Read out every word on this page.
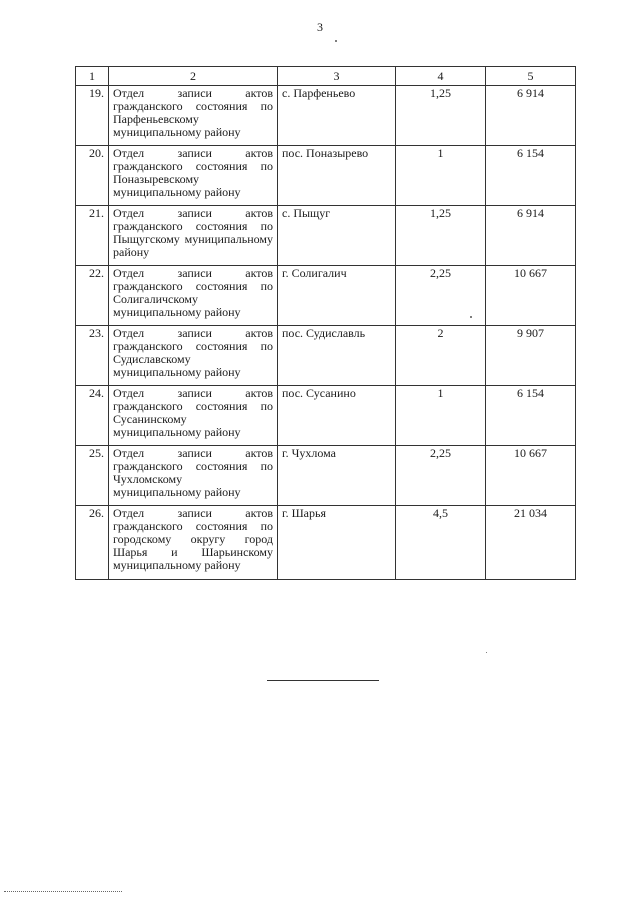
3
1	2	3	4	5
19.	Отдел записи актов гражданского состояния по Парфеньевскому муниципальному району	с. Парфеньево	1,25	6 914
20.	Отдел записи актов гражданского состояния по Поназыревскому муниципальному району	пос. Поназырево	1	6 154
21.	Отдел записи актов гражданского состояния по Пыщугскому муниципальному району	с. Пыщуг	1,25	6 914
22.	Отдел записи актов гражданского состояния по Солигаличскому муниципальному району	г. Солигалич	2,25	10 667
23.	Отдел записи актов гражданского состояния по Судиславскому муниципальному району	пос. Судиславль	2	9 907
24.	Отдел записи актов гражданского состояния по Сусанинскому муниципальному району	пос. Сусанино	1	6 154
25.	Отдел записи актов гражданского состояния по Чухломскому муниципальному району	г. Чухлома	2,25	10 667
26.	Отдел записи актов гражданского состояния по городскому округу город Шарья и Шарьинскому муниципальному району	г. Шарья	4,5	21 034
